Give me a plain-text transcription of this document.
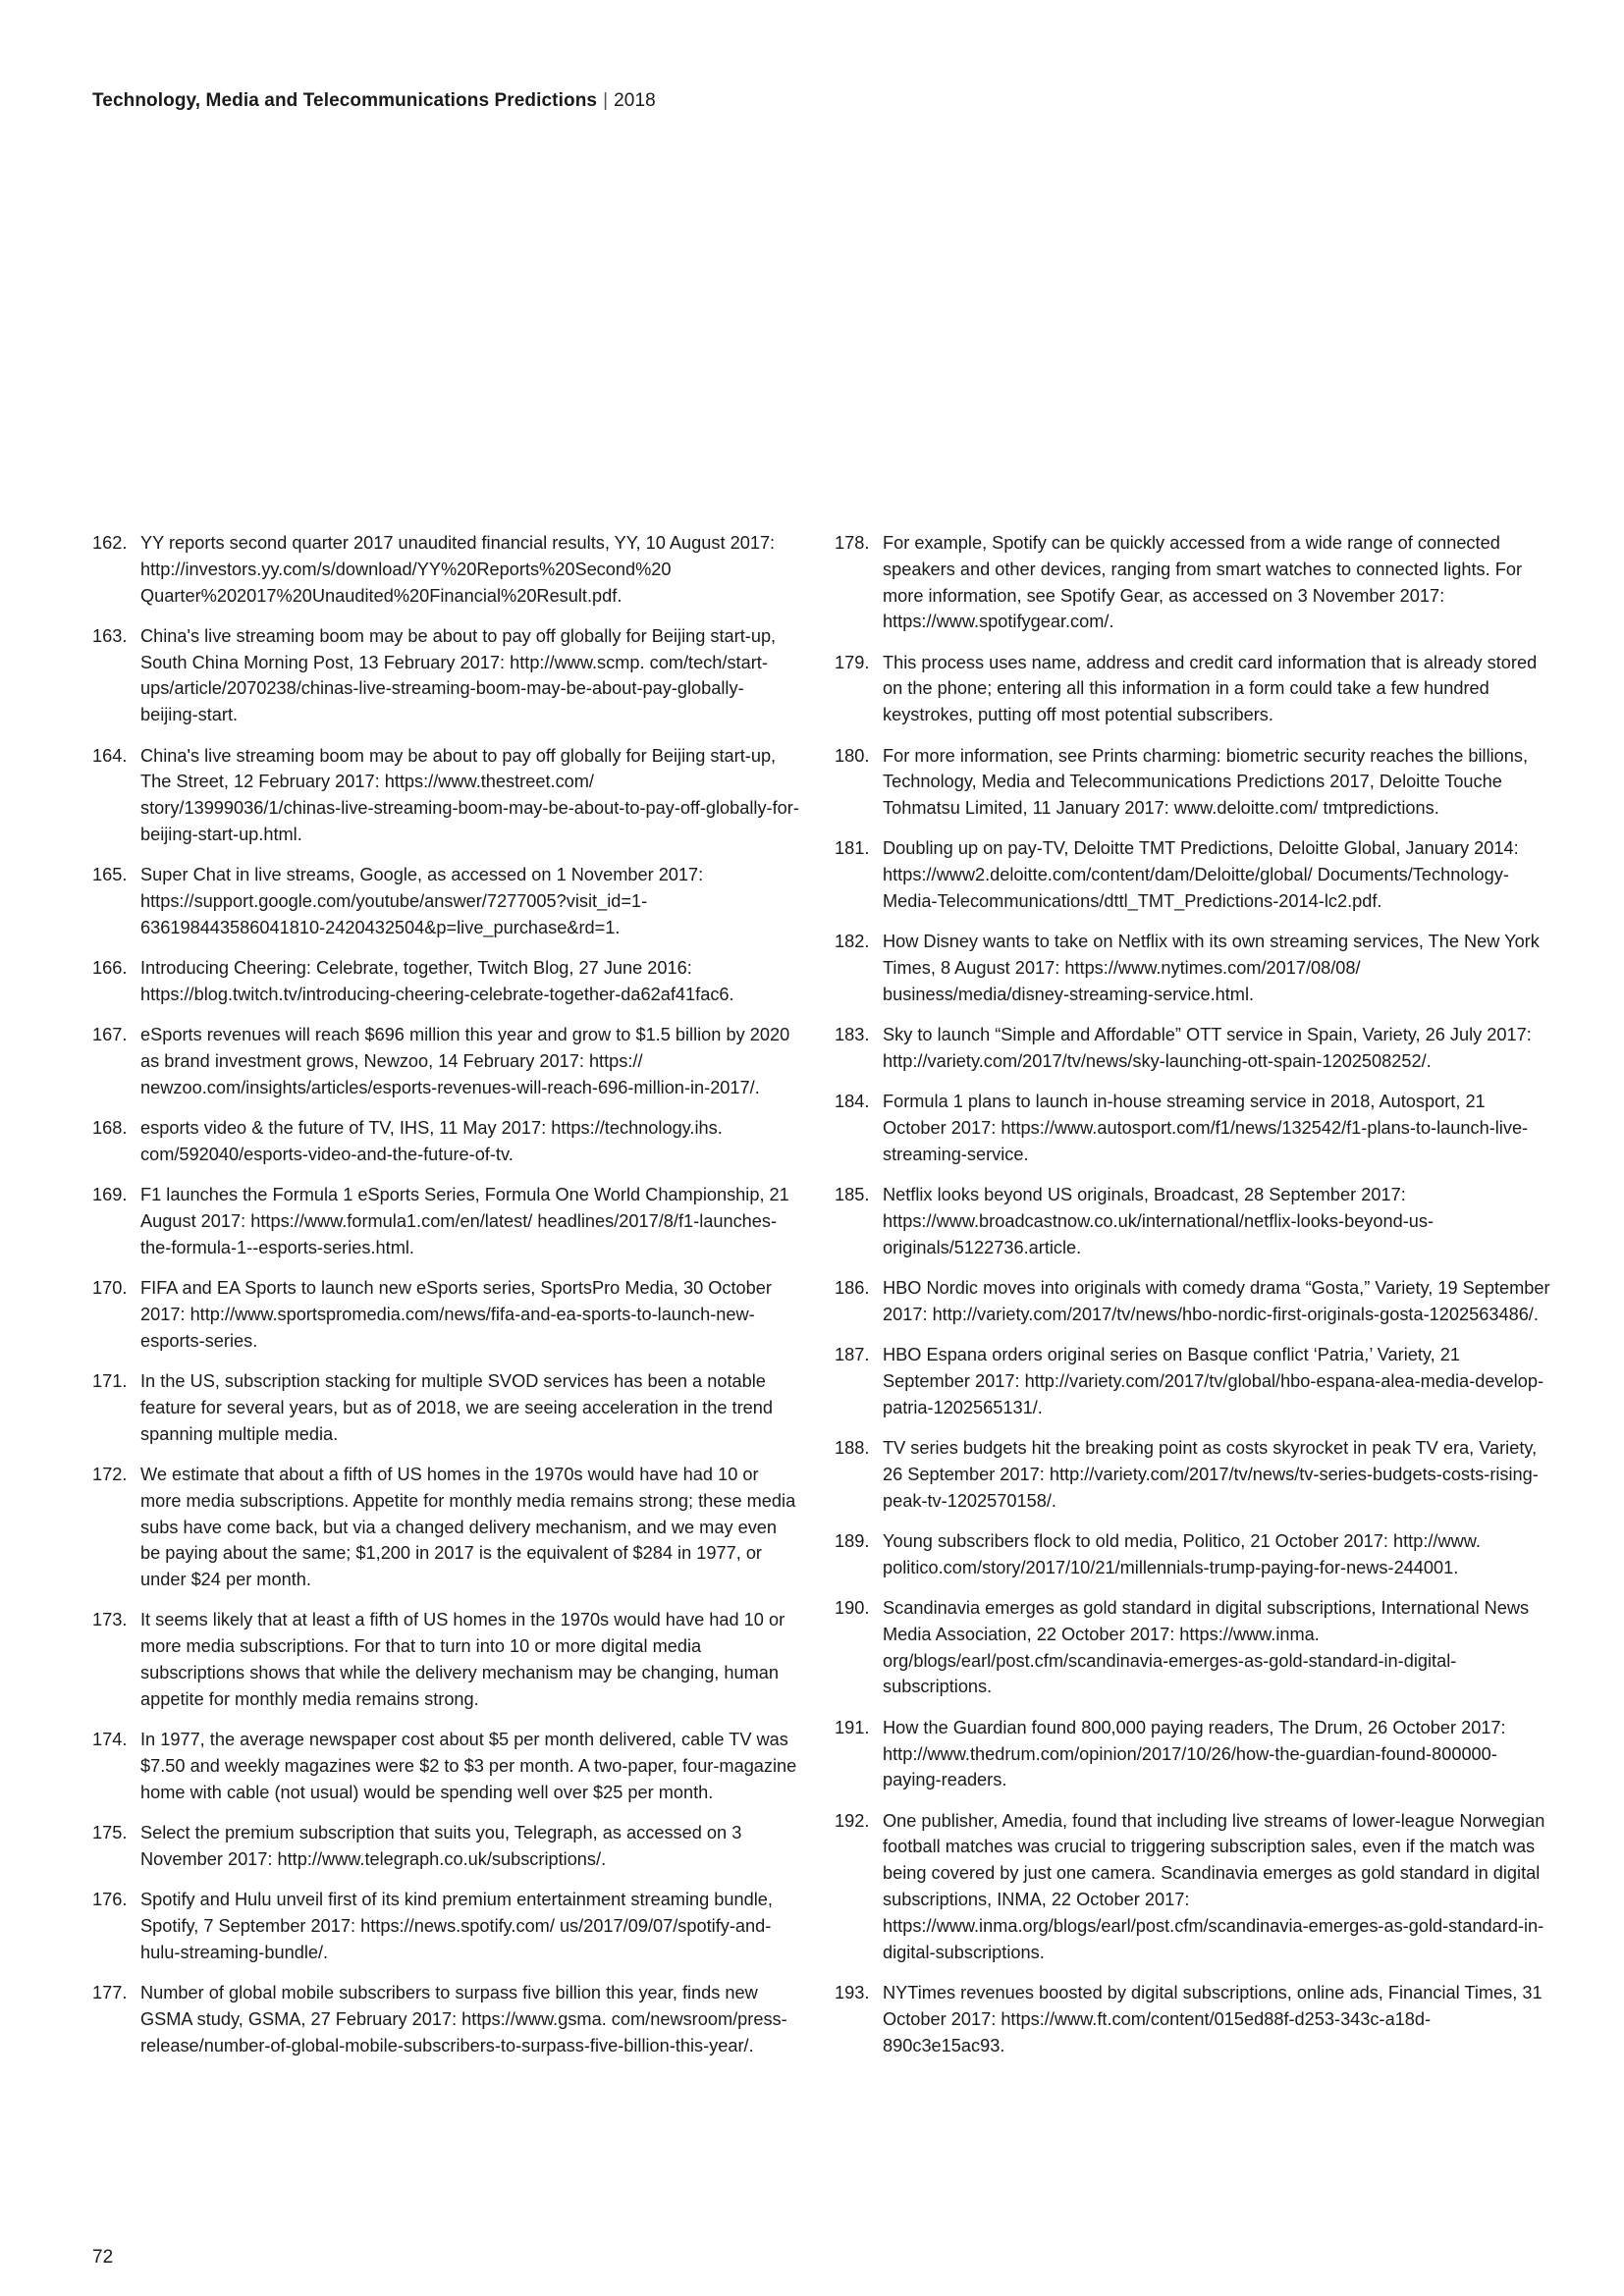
Technology, Media and Telecommunications Predictions | 2018
162. YY reports second quarter 2017 unaudited financial results, YY, 10 August 2017: http://investors.yy.com/s/download/YY%20Reports%20Second%20 Quarter%202017%20Unaudited%20Financial%20Result.pdf.
163. China's live streaming boom may be about to pay off globally for Beijing start-up, South China Morning Post, 13 February 2017: http://www.scmp. com/tech/start-ups/article/2070238/chinas-live-streaming-boom-may-be-about-pay-globally-beijing-start.
164. China's live streaming boom may be about to pay off globally for Beijing start-up, The Street, 12 February 2017: https://www.thestreet.com/ story/13999036/1/chinas-live-streaming-boom-may-be-about-to-pay-off-globally-for-beijing-start-up.html.
165. Super Chat in live streams, Google, as accessed on 1 November 2017: https://support.google.com/youtube/answer/7277005?visit_id=1-636198443586041810-2420432504&p=live_purchase&rd=1.
166. Introducing Cheering: Celebrate, together, Twitch Blog, 27 June 2016: https://blog.twitch.tv/introducing-cheering-celebrate-together-da62af41fac6.
167. eSports revenues will reach $696 million this year and grow to $1.5 billion by 2020 as brand investment grows, Newzoo, 14 February 2017: https:// newzoo.com/insights/articles/esports-revenues-will-reach-696-million-in-2017/.
168. esports video & the future of TV, IHS, 11 May 2017: https://technology.ihs. com/592040/esports-video-and-the-future-of-tv.
169. F1 launches the Formula 1 eSports Series, Formula One World Championship, 21 August 2017: https://www.formula1.com/en/latest/ headlines/2017/8/f1-launches-the-formula-1--esports-series.html.
170. FIFA and EA Sports to launch new eSports series, SportsPro Media, 30 October 2017: http://www.sportspromedia.com/news/fifa-and-ea-sports-to-launch-new-esports-series.
171. In the US, subscription stacking for multiple SVOD services has been a notable feature for several years, but as of 2018, we are seeing acceleration in the trend spanning multiple media.
172. We estimate that about a fifth of US homes in the 1970s would have had 10 or more media subscriptions. Appetite for monthly media remains strong; these media subs have come back, but via a changed delivery mechanism, and we may even be paying about the same; $1,200 in 2017 is the equivalent of $284 in 1977, or under $24 per month.
173. It seems likely that at least a fifth of US homes in the 1970s would have had 10 or more media subscriptions. For that to turn into 10 or more digital media subscriptions shows that while the delivery mechanism may be changing, human appetite for monthly media remains strong.
174. In 1977, the average newspaper cost about $5 per month delivered, cable TV was $7.50 and weekly magazines were $2 to $3 per month. A two-paper, four-magazine home with cable (not usual) would be spending well over $25 per month.
175. Select the premium subscription that suits you, Telegraph, as accessed on 3 November 2017: http://www.telegraph.co.uk/subscriptions/.
176. Spotify and Hulu unveil first of its kind premium entertainment streaming bundle, Spotify, 7 September 2017: https://news.spotify.com/ us/2017/09/07/spotify-and-hulu-streaming-bundle/.
177. Number of global mobile subscribers to surpass five billion this year, finds new GSMA study, GSMA, 27 February 2017: https://www.gsma. com/newsroom/press-release/number-of-global-mobile-subscribers-to-surpass-five-billion-this-year/.
178. For example, Spotify can be quickly accessed from a wide range of connected speakers and other devices, ranging from smart watches to connected lights. For more information, see Spotify Gear, as accessed on 3 November 2017: https://www.spotifygear.com/.
179. This process uses name, address and credit card information that is already stored on the phone; entering all this information in a form could take a few hundred keystrokes, putting off most potential subscribers.
180. For more information, see Prints charming: biometric security reaches the billions, Technology, Media and Telecommunications Predictions 2017, Deloitte Touche Tohmatsu Limited, 11 January 2017: www.deloitte.com/ tmtpredictions.
181. Doubling up on pay-TV, Deloitte TMT Predictions, Deloitte Global, January 2014: https://www2.deloitte.com/content/dam/Deloitte/global/ Documents/Technology-Media-Telecommunications/dttl_TMT_Predictions-2014-lc2.pdf.
182. How Disney wants to take on Netflix with its own streaming services, The New York Times, 8 August 2017: https://www.nytimes.com/2017/08/08/ business/media/disney-streaming-service.html.
183. Sky to launch “Simple and Affordable” OTT service in Spain, Variety, 26 July 2017: http://variety.com/2017/tv/news/sky-launching-ott-spain-1202508252/.
184. Formula 1 plans to launch in-house streaming service in 2018, Autosport, 21 October 2017: https://www.autosport.com/f1/news/132542/f1-plans-to-launch-live-streaming-service.
185. Netflix looks beyond US originals, Broadcast, 28 September 2017: https://www.broadcastnow.co.uk/international/netflix-looks-beyond-us-originals/5122736.article.
186. HBO Nordic moves into originals with comedy drama “Gosta,” Variety, 19 September 2017: http://variety.com/2017/tv/news/hbo-nordic-first-originals-gosta-1202563486/.
187. HBO Espana orders original series on Basque conflict ‘Patria,’ Variety, 21 September 2017: http://variety.com/2017/tv/global/hbo-espana-alea-media-develop-patria-1202565131/.
188. TV series budgets hit the breaking point as costs skyrocket in peak TV era, Variety, 26 September 2017: http://variety.com/2017/tv/news/tv-series-budgets-costs-rising-peak-tv-1202570158/.
189. Young subscribers flock to old media, Politico, 21 October 2017: http://www. politico.com/story/2017/10/21/millennials-trump-paying-for-news-244001.
190. Scandinavia emerges as gold standard in digital subscriptions, International News Media Association, 22 October 2017: https://www.inma. org/blogs/earl/post.cfm/scandinavia-emerges-as-gold-standard-in-digital-subscriptions.
191. How the Guardian found 800,000 paying readers, The Drum, 26 October 2017: http://www.thedrum.com/opinion/2017/10/26/how-the-guardian-found-800000-paying-readers.
192. One publisher, Amedia, found that including live streams of lower-league Norwegian football matches was crucial to triggering subscription sales, even if the match was being covered by just one camera. Scandinavia emerges as gold standard in digital subscriptions, INMA, 22 October 2017: https://www.inma.org/blogs/earl/post.cfm/scandinavia-emerges-as-gold-standard-in-digital-subscriptions.
193. NYTimes revenues boosted by digital subscriptions, online ads, Financial Times, 31 October 2017: https://www.ft.com/content/015ed88f-d253-343c-a18d-890c3e15ac93.
72
